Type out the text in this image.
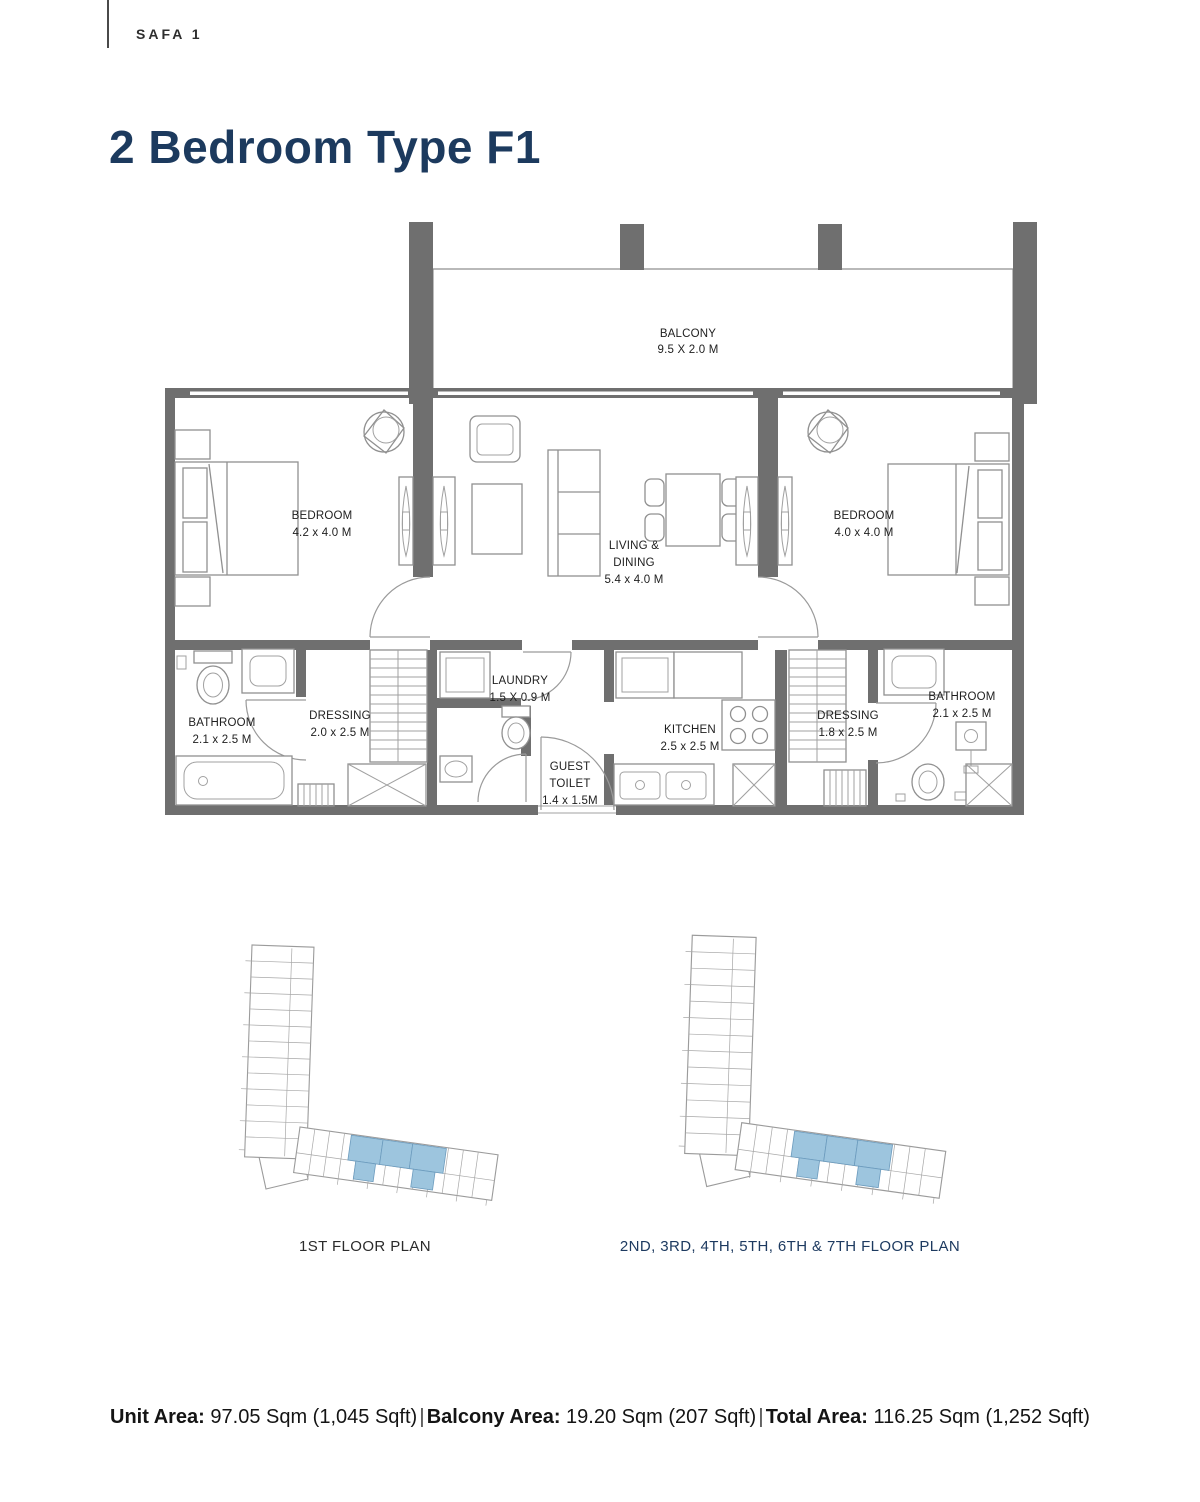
SAFA 1
2 Bedroom Type F1
BALCONY
9.5 X 2.0 M
BEDROOM
4.2 x 4.0 M
LIVING &
DINING
5.4 x 4.0 M
BEDROOM
4.0 x 4.0 M
BATHROOM
2.1 x 2.5 M
DRESSING
2.0 x 2.5 M
LAUNDRY
1.5 X 0.9 M
GUEST
TOILET
1.4 x 1.5M
KITCHEN
2.5 x 2.5 M
DRESSING
1.8 x 2.5 M
BATHROOM
2.1 x 2.5 M
1ST FLOOR PLAN	2ND, 3RD, 4TH, 5TH, 6TH & 7TH FLOOR PLAN
Unit Area: 97.05 Sqm (1,045 Sqft) | Balcony Area: 19.20 Sqm (207 Sqft) | Total Area: 116.25 Sqm (1,252 Sqft)
